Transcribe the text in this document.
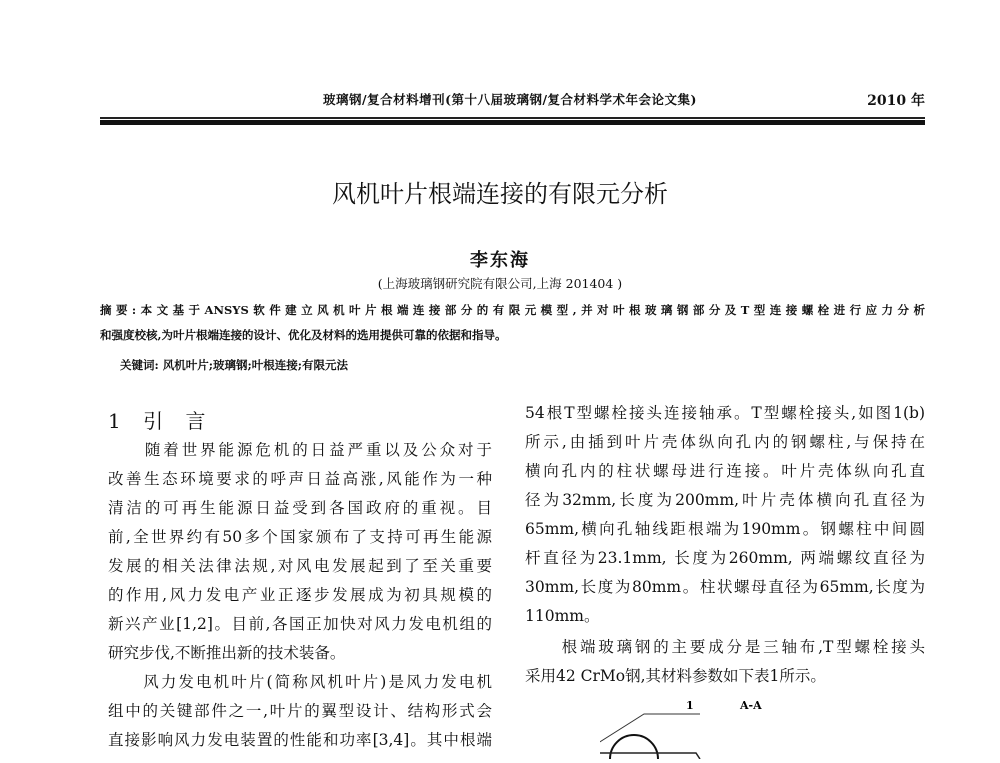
玻璃钢/复合材料增刊(第十八届玻璃钢/复合材料学术年会论文集)	2010 年
风机叶片根端连接的有限元分析
李东海
(上海玻璃钢研究院有限公司,上海 201404 )
摘要:本文基于ANSYS软件建立风机叶片根端连接部分的有限元模型,并对叶根玻璃钢部分及T型连接螺栓进行应力分析
和强度校核,为叶片根端连接的设计、优化及材料的选用提供可靠的依据和指导。
关键词: 风机叶片;玻璃钢;叶根连接;有限元法
1 引 言
　　随着世界能源危机的日益严重以及公众对于
改善生态环境要求的呼声日益高涨,风能作为一种
清洁的可再生能源日益受到各国政府的重视。目
前,全世界约有50多个国家颁布了支持可再生能源
发展的相关法律法规,对风电发展起到了至关重要
的作用,风力发电产业正逐步发展成为初具规模的
新兴产业[1,2]。目前,各国正加快对风力发电机组的
研究步伐,不断推出新的技术装备。
　　风力发电机叶片(简称风机叶片)是风力发电机
组中的关键部件之一,叶片的翼型设计、结构形式会
直接影响风力发电装置的性能和功率[3,4]。其中根端
54根T型螺栓接头连接轴承。T型螺栓接头,如图1(b)
所示,由插到叶片壳体纵向孔内的钢螺柱,与保持在
横向孔内的柱状螺母进行连接。叶片壳体纵向孔直
径为32mm,长度为200mm,叶片壳体横向孔直径为
65mm,横向孔轴线距根端为190mm。钢螺柱中间圆
杆直径为23.1mm, 长度为260mm, 两端螺纹直径为
30mm,长度为80mm。柱状螺母直径为65mm,长度为
110mm。
　　根端玻璃钢的主要成分是三轴布,T型螺栓接头
采用42 CrMo钢,其材料参数如下表1所示。
1	A-A
